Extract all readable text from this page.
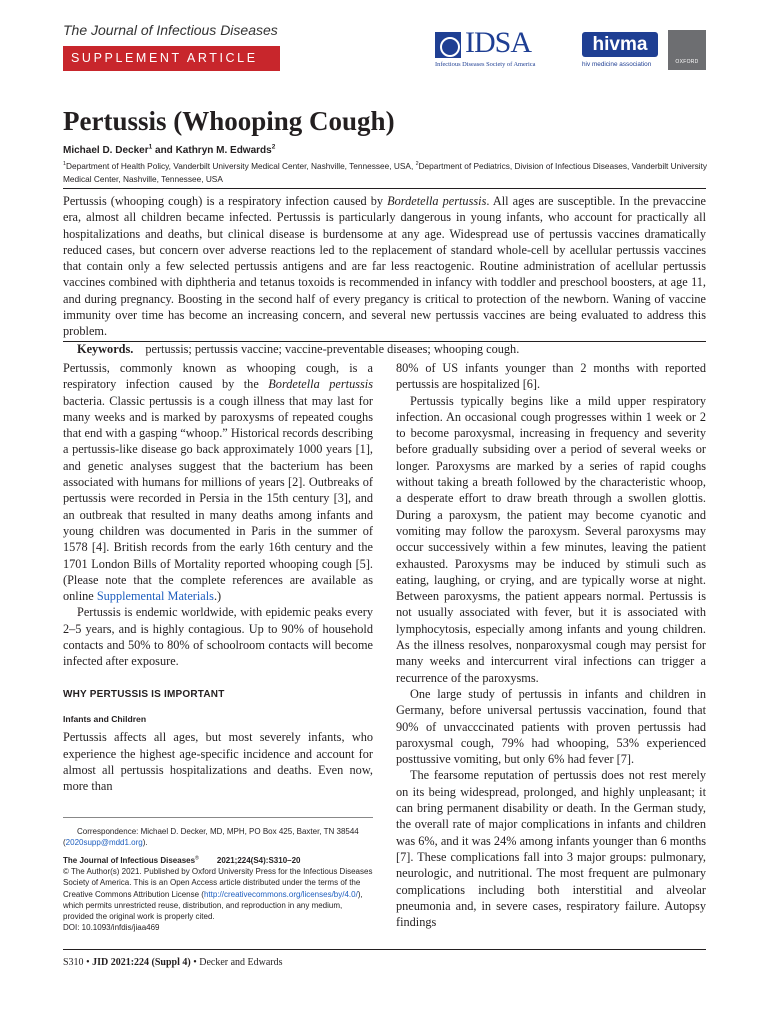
The Journal of Infectious Diseases
SUPPLEMENT ARTICLE	IDSA
Infectious Diseases Society of America
hivma
hiv medicine association	OXFORD
Pertussis (Whooping Cough)
Michael D. Decker$^1$ and Kathryn M. Edwards$^2$
$^1$Department of Health Policy, Vanderbilt University Medical Center, Nashville, Tennessee, USA, $^2$Department of Pediatrics, Division of Infectious Diseases, Vanderbilt University Medical Center, Nashville, Tennessee, USA

Pertussis (whooping cough) is a respiratory infection caused by Bordetella pertussis. All ages are susceptible. In the prevaccine era, almost all children became infected. Pertussis is particularly dangerous in young infants, who account for practically all hospitalizations and deaths, but clinical disease is burdensome at any age. Widespread use of pertussis vaccines dramatically reduced cases, but concern over adverse reactions led to the replacement of standard whole-cell by acellular pertussis vaccines that contain only a few selected pertussis antigens and are far less reactogenic. Routine administration of acellular pertussis vaccines combined with diphtheria and tetanus toxoids is recommended in infancy with toddler and preschool boosters, at age 11, and during pregnancy. Boosting in the second half of every pregancy is critical to protection of the newborn. Waning of vaccine immunity over time has become an increasing concern, and several new pertussis vaccines are being evaluated to address this problem.

Keywords. pertussis; pertussis vaccine; vaccine-preventable diseases; whooping cough.

Pertussis, commonly known as whooping cough, is a respiratory infection caused by the Bordetella pertussis bacteria. Classic pertussis is a cough illness that may last for many weeks and is marked by paroxysms of repeated coughs that end with a gasping “whoop.” Historical records describing a pertussis-like disease go back approximately 1000 years [1], and genetic analyses suggest that the bacterium has been associated with humans for millions of years [2]. Outbreaks of pertussis were recorded in Persia in the 15th century [3], and an outbreak that resulted in many deaths among infants and young children was documented in Paris in the summer of 1578 [4]. British records from the early 16th century and the 1701 London Bills of Mortality reported whooping cough [5]. (Please note that the complete references are available as online Supplemental Materials.)

Pertussis is endemic worldwide, with epidemic peaks every 2–5 years, and is highly contagious. Up to 90% of household contacts and 50% to 80% of schoolroom contacts will become infected after exposure.

WHY PERTUSSIS IS IMPORTANT
Infants and Children

Pertussis affects all ages, but most severely infants, who experience the highest age-specific incidence and account for almost all pertussis hospitalizations and deaths. Even now, more than

80% of US infants younger than 2 months with reported pertussis are hospitalized [6].

Pertussis typically begins like a mild upper respiratory infection. An occasional cough progresses within 1 week or 2 to become paroxysmal, increasing in frequency and severity before gradually subsiding over a period of several weeks or longer. Paroxysms are marked by a series of rapid coughs without taking a breath followed by the characteristic whoop, a desperate effort to draw breath through a swollen glottis. During a paroxysm, the patient may become cyanotic and vomiting may follow the paroxysm. Several paroxysms may occur successively within a few minutes, leaving the patient exhausted. Paroxysms may be induced by stimuli such as eating, laughing, or crying, and are typically worse at night. Between paroxysms, the patient appears normal. Pertussis is not usually associated with fever, but it is associated with lymphocytosis, especially among infants and young children. As the illness resolves, nonparoxysmal cough may persist for many weeks and intercurrent viral infections can trigger a recurrence of the paroxysms.

One large study of pertussis in infants and children in Germany, before universal pertussis vaccination, found that 90% of unvacccinated patients with proven pertussis had paroxysmal cough, 79% had whooping, 53% experienced posttussive vomiting, but only 6% had fever [7].

The fearsome reputation of pertussis does not rest merely on its being widespread, prolonged, and highly unpleasant; it can bring permanent disability or death. In the German study, the overall rate of major complications in infants and children was 6%, and it was 24% among infants younger than 6 months [7]. These complications fall into 3 major groups: pulmonary, neurologic, and nutritional. The most frequent are pulmonary complications including both interstitial and alveolar pneumonia and, in severe cases, respiratory failure. Autopsy findings

Correspondence: Michael D. Decker, MD, MPH, PO Box 425, Baxter, TN 38544 (2020supp@mdd1.org).
The Journal of Infectious Diseases® 2021;224(S4):S310–20
© The Author(s) 2021. Published by Oxford University Press for the Infectious Diseases Society of America. This is an Open Access article distributed under the terms of the Creative Commons Attribution License (http://creativecommons.org/licenses/by/4.0/), which permits unrestricted reuse, distribution, and reproduction in any medium, provided the original work is properly cited.
DOI: 10.1093/infdis/jiaa469
S310 • JID 2021:224 (Suppl 4) • Decker and Edwards
